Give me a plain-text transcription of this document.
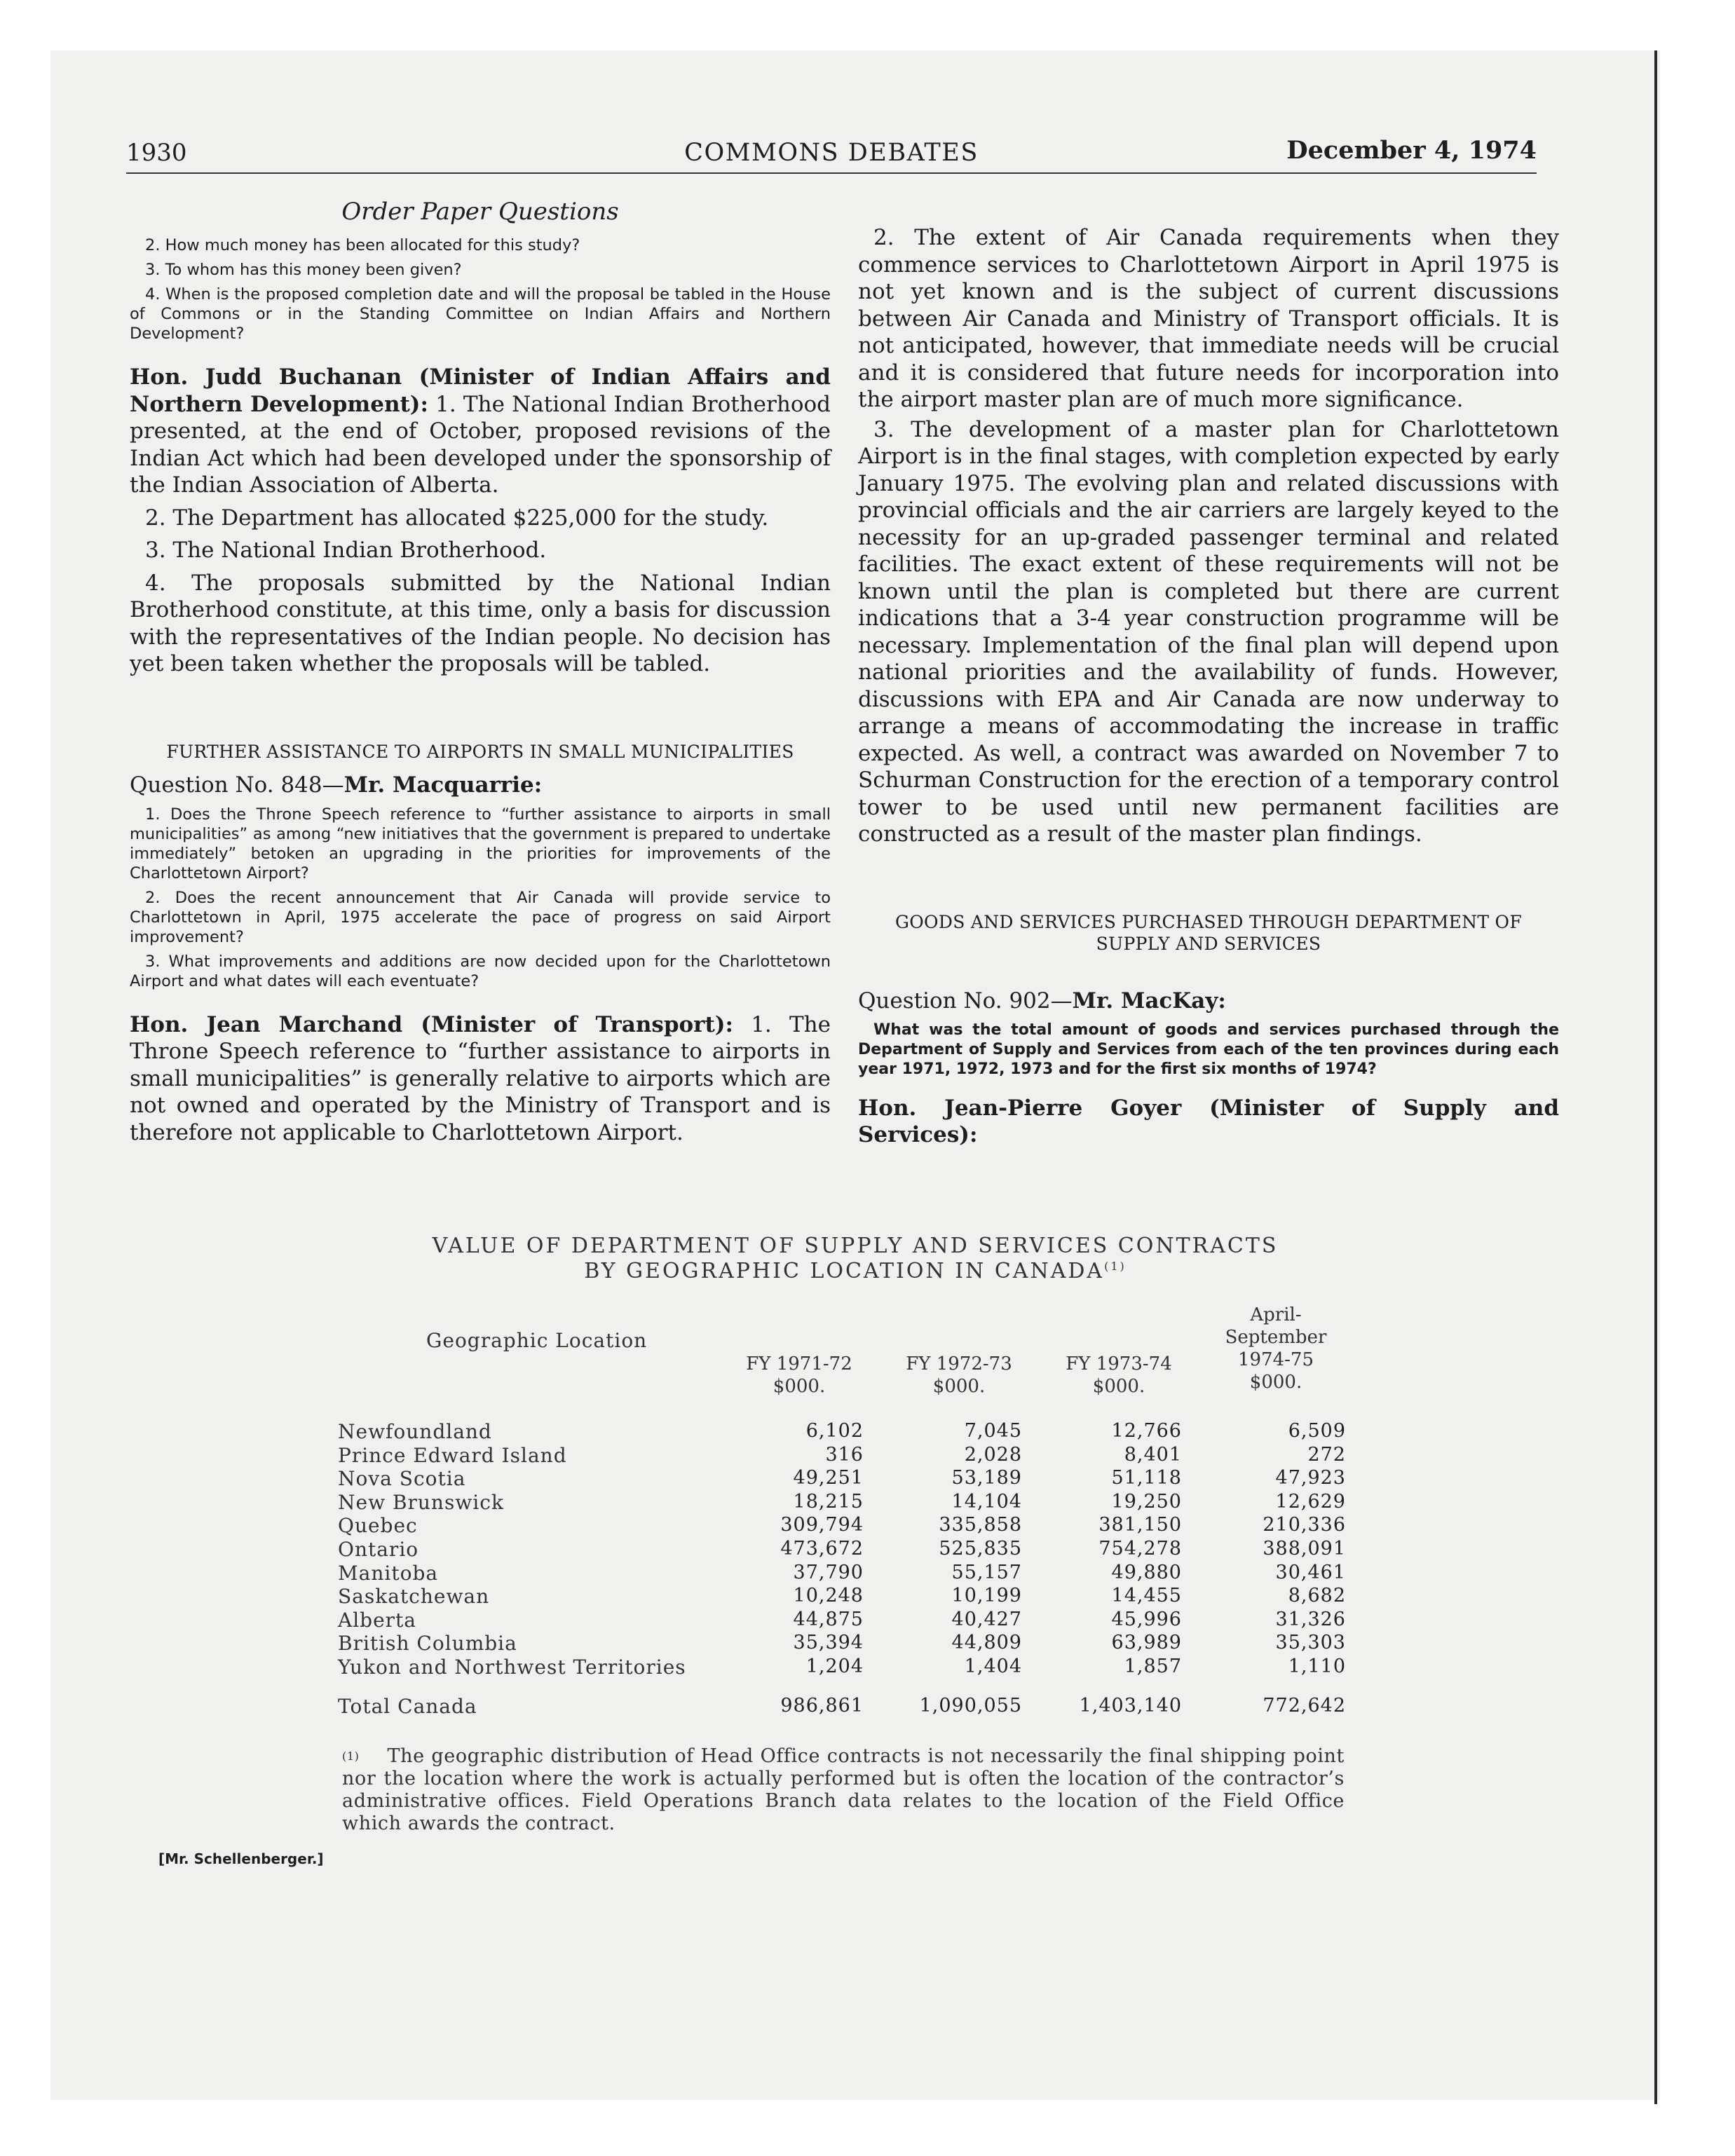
1930	COMMONS DEBATES	December 4, 1974

Order Paper Questions

2. How much money has been allocated for this study?

3. To whom has this money been given?

4. When is the proposed completion date and will the proposal be tabled in the House of Commons or in the Standing Committee on Indian Affairs and Northern Development?

Hon. Judd Buchanan (Minister of Indian Affairs and Northern Development): 1. The National Indian Brotherhood presented, at the end of October, proposed revisions of the Indian Act which had been developed under the sponsorship of the Indian Association of Alberta.

2. The Department has allocated $225,000 for the study.

3. The National Indian Brotherhood.

4. The proposals submitted by the National Indian Brotherhood constitute, at this time, only a basis for discussion with the representatives of the Indian people. No decision has yet been taken whether the proposals will be tabled.

FURTHER ASSISTANCE TO AIRPORTS IN SMALL MUNICIPALITIES

Question No. 848—Mr. Macquarrie:

1. Does the Throne Speech reference to “further assistance to airports in small municipalities” as among “new initiatives that the government is prepared to undertake immediately” betoken an upgrading in the priorities for improvements of the Charlottetown Airport?

2. Does the recent announcement that Air Canada will provide service to Charlottetown in April, 1975 accelerate the pace of progress on said Airport improvement?

3. What improvements and additions are now decided upon for the Charlottetown Airport and what dates will each eventuate?

Hon. Jean Marchand (Minister of Transport): 1. The Throne Speech reference to “further assistance to airports in small municipalities” is generally relative to airports which are not owned and operated by the Ministry of Transport and is therefore not applicable to Charlottetown Airport.

2. The extent of Air Canada requirements when they commence services to Charlottetown Airport in April 1975 is not yet known and is the subject of current discussions between Air Canada and Ministry of Transport officials. It is not anticipated, however, that immediate needs will be crucial and it is considered that future needs for incorporation into the airport master plan are of much more significance.

3. The development of a master plan for Charlottetown Airport is in the final stages, with completion expected by early January 1975. The evolving plan and related discussions with provincial officials and the air carriers are largely keyed to the necessity for an up-graded passenger terminal and related facilities. The exact extent of these requirements will not be known until the plan is completed but there are current indications that a 3-4 year construction programme will be necessary. Implementation of the final plan will depend upon national priorities and the availability of funds. However, discussions with EPA and Air Canada are now underway to arrange a means of accommodating the increase in traffic expected. As well, a contract was awarded on November 7 to Schurman Construction for the erection of a temporary control tower to be used until new permanent facilities are constructed as a result of the master plan findings.

GOODS AND SERVICES PURCHASED THROUGH DEPARTMENT OF SUPPLY AND SERVICES

Question No. 902—Mr. MacKay:

What was the total amount of goods and services purchased through the Department of Supply and Services from each of the ten provinces during each year 1971, 1972, 1973 and for the first six months of 1974?

Hon. Jean-Pierre Goyer (Minister of Supply and Services):

VALUE OF DEPARTMENT OF SUPPLY AND SERVICES CONTRACTS
BY GEOGRAPHIC LOCATION IN CANADA$^{(1)}$
Geographic Location
FY 1971-72
$000.
FY 1972-73
$000.
FY 1973-74
$000.
April-
September
1974-75
$000.
Newfoundland	6,102	7,045	12,766	6,509
Prince Edward Island	316	2,028	8,401	272
Nova Scotia	49,251	53,189	51,118	47,923
New Brunswick	18,215	14,104	19,250	12,629
Quebec	309,794	335,858	381,150	210,336
Ontario	473,672	525,835	754,278	388,091
Manitoba	37,790	55,157	49,880	30,461
Saskatchewan	10,248	10,199	14,455	8,682
Alberta	44,875	40,427	45,996	31,326
British Columbia	35,394	44,809	63,989	35,303
Yukon and Northwest Territories	1,204	1,404	1,857	1,110
Total Canada	986,861	1,090,055	1,403,140	772,642
$^{(1)}$ The geographic distribution of Head Office contracts is not necessarily the final shipping point nor the location where the work is actually performed but is often the location of the contractor’s administrative offices. Field Operations Branch data relates to the location of the Field Office which awards the contract.
[Mr. Schellenberger.]
